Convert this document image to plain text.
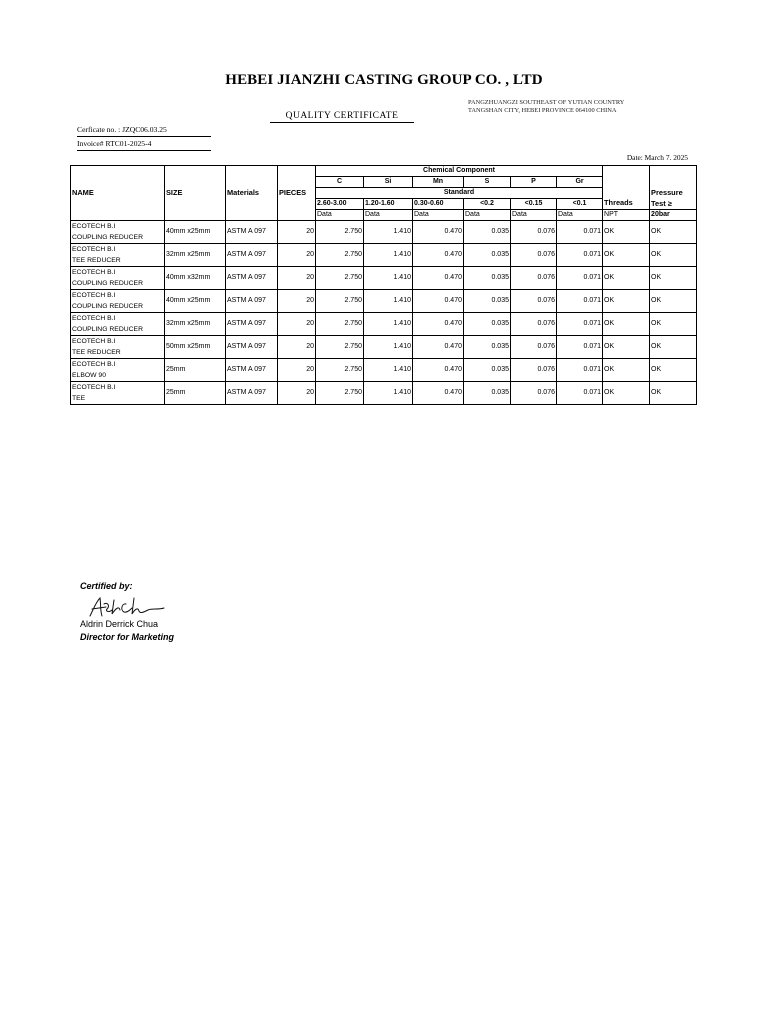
HEBEI JIANZHI CASTING GROUP CO. , LTD
PANGZHUANGZI SOUTHEAST OF YUTIAN COUNTRY
TANGSHAN CITY, HEBEI PROVINCE 064100 CHINA
QUALITY CERTIFICATE
Cerficate no. : JZQC06.03.25
Invoice# RTC01-2025-4
Date: March 7. 2025
NAME	SIZE	Materials	PIECES	Chemical Component						Threads	Pressure
Test ≥

				C	Si	Mn	S	P	Gr		
				Standard							
				2.60-3.00	1.20-1.60	0.30-0.60	<0.2	<0.15	<0.1		
				Data	Data	Data	Data	Data	Data	NPT	20bar

ECOTECH B.I
COUPLING REDUCER	40mm x25mm	ASTM A 097	20	2.750	1.410	0.470	0.035	0.076	0.071	OK	OK

ECOTECH B.I
TEE REDUCER	32mm x25mm	ASTM A 097	20	2.750	1.410	0.470	0.035	0.076	0.071	OK	OK

ECOTECH B.I
COUPLING REDUCER	40mm x32mm	ASTM A 097	20	2.750	1.410	0.470	0.035	0.076	0.071	OK	OK

ECOTECH B.I
COUPLING REDUCER	40mm x25mm	ASTM A 097	20	2.750	1.410	0.470	0.035	0.076	0.071	OK	OK

ECOTECH B.I
COUPLING REDUCER	32mm x25mm	ASTM A 097	20	2.750	1.410	0.470	0.035	0.076	0.071	OK	OK

ECOTECH B.I
TEE REDUCER	50mm x25mm	ASTM A 097	20	2.750	1.410	0.470	0.035	0.076	0.071	OK	OK

ECOTECH B.I
ELBOW 90	25mm	ASTM A 097	20	2.750	1.410	0.470	0.035	0.076	0.071	OK	OK

ECOTECH B.I
TEE	25mm	ASTM A 097	20	2.750	1.410	0.470	0.035	0.076	0.071	OK	OK
Certified by:
Aldrin Derrick Chua
Director for Marketing
